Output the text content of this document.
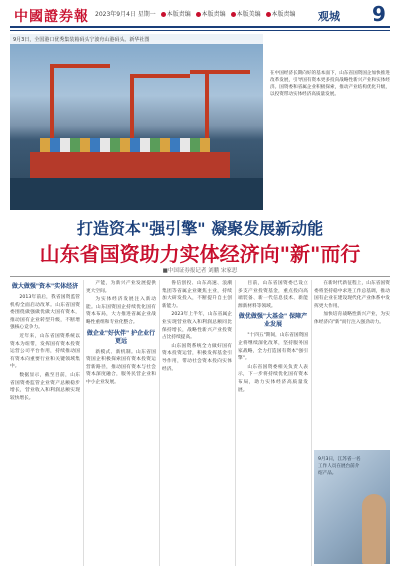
中國證券報 2023年9月4日 星期一 本版责编 本版责编 本版美编 本版责编 观城 9
9月3日，全国港口优秀集装箱码头宁波舟山港码头。新华社图
在中国经济长期向好的基本面下，山东省国资国企加快推进改革发展，引导国有资本更多投向战略性新兴产业和实体经济。国资委和省属企业积极探索，推动产业结构优化升级，以投资带动实体经济高质量发展。
打造资本"强引擎" 凝聚发展新动能
山东省国资助力实体经济向"新"而行
■中国证券报记者 刘鹏 宋家思
做大做强"资本"实体经济

2013年前后，我省国资监管机构全面启动改革。山东省国资委围绕做强做优做大国有资本，推动国有企业转型升级，不断增强核心竞争力。

近年来，山东省国资系统以资本为纽带，发挥国有资本投资运营公司平台作用，持续推动国有资本向重要行业和关键领域集中。

数据显示，截至目前，山东省国资委监管企业资产总额稳步增长，营业收入和利润总额实现较快增长。

产能，为新兴产业发展提供更大空间。

为实体经济发展注入新动能。山东国资国企持续优化国有资本布局，大力推进省属企业战略性重组和专业化整合。

做企业"好伙伴" 护企业行更远

新模式、新机制。山东省国资国企积极探索国有资本投资运营新路径，推动国有资本与社会资本深度融合，服务民营企业和中小企业发展。

鲁信创投、山东高速、浪潮集团等省属企业聚焦主业，持续加大研发投入，不断提升自主创新能力。

2023年上半年，山东省属企业实现营业收入和利润总额同比保持增长，战略性新兴产业投资占比持续提高。

山东国资系统全力做好国有资本投资运营，积极发挥基金引导作用，带动社会资本投向实体经济。

目前，山东省国资委已设立多支产业投资基金，重点投向高端装备、新一代信息技术、新能源新材料等领域。

做优做强"大基金" 保障产业发展

"十四五"期间，山东省国资国企将继续深化改革，坚持服务国家战略，全力打造国有资本"强引擎"。

山东省国资委相关负责人表示，下一步将持续优化国有资本布局，助力实体经济高质量发展。

在新时代新征程上，山东省国资委将坚持稳中求进工作总基调，推动国有企业在建设现代化产业体系中发挥更大作用。

加快培育战略性新兴产业，为实体经济向"新"而行注入强劲动力。

9月3日，江苏省一名工作人员在展台前介绍产品。
